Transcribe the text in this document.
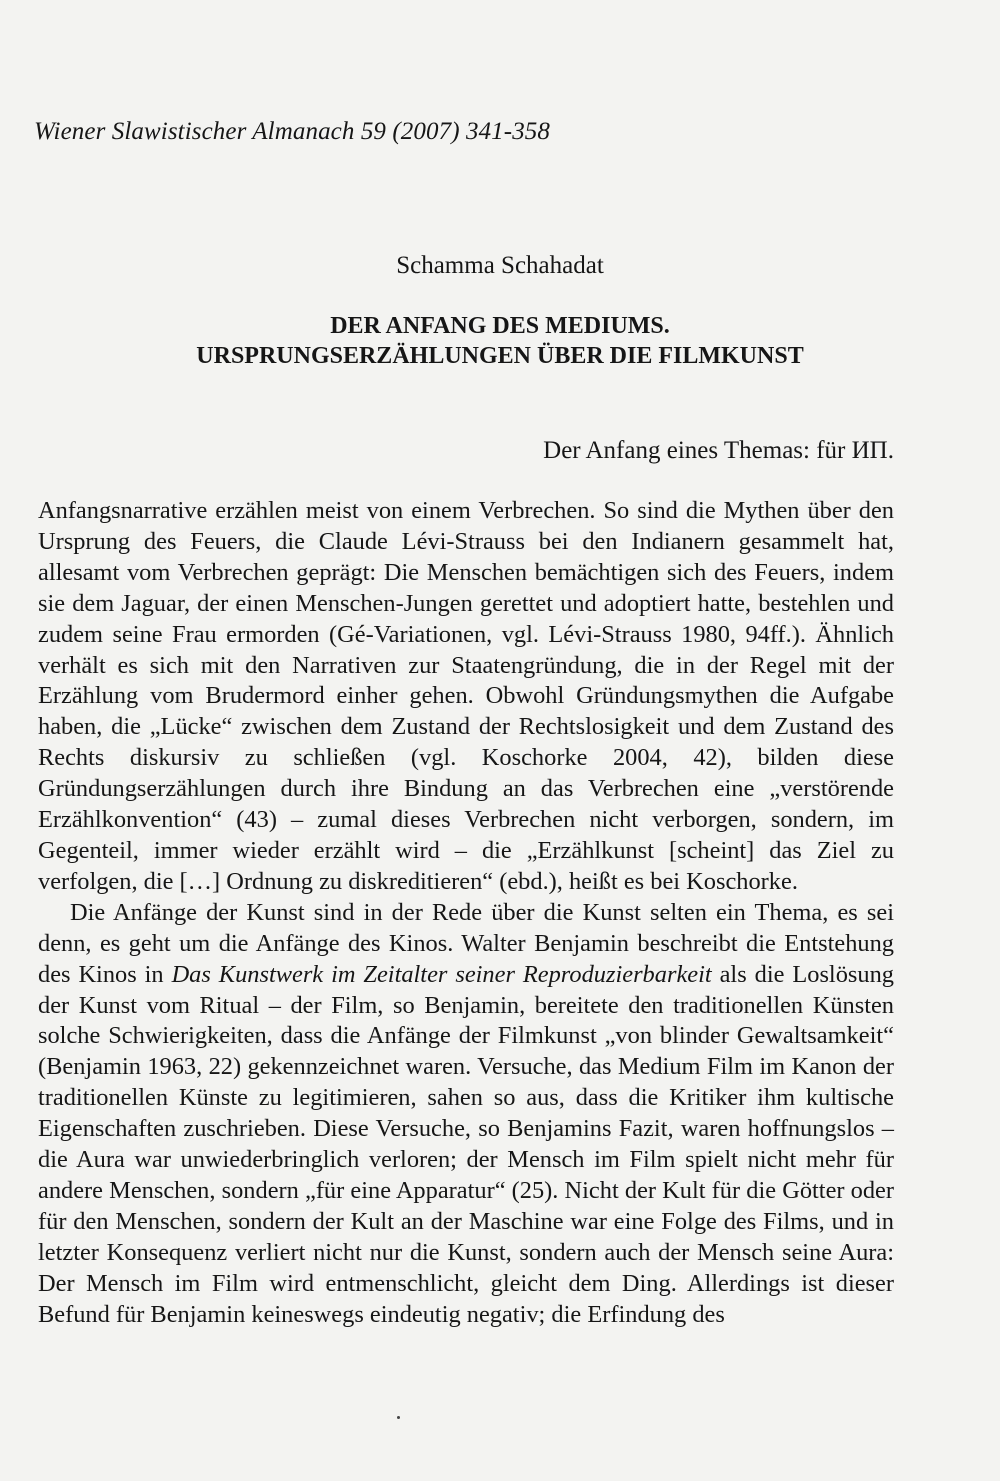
Wiener Slawistischer Almanach 59 (2007) 341-358

Schamma Schahadat
DER ANFANG DES MEDIUMS.
URSPRUNGSERZÄHLUNGEN ÜBER DIE FILMKUNST
Der Anfang eines Themas: für ИП.

Anfangsnarrative erzählen meist von einem Verbrechen. So sind die Mythen über den Ursprung des Feuers, die Claude Lévi-Strauss bei den Indianern gesammelt hat, allesamt vom Verbrechen geprägt: Die Menschen bemächtigen sich des Feuers, indem sie dem Jaguar, der einen Menschen-Jungen gerettet und adoptiert hatte, bestehlen und zudem seine Frau ermorden (Gé-Variationen, vgl. Lévi-Strauss 1980, 94ff.). Ähnlich verhält es sich mit den Narrativen zur Staatengründung, die in der Regel mit der Erzählung vom Brudermord einher gehen. Obwohl Gründungsmythen die Aufgabe haben, die „Lücke“ zwischen dem Zustand der Rechtslosigkeit und dem Zustand des Rechts diskursiv zu schließen (vgl. Koschorke 2004, 42), bilden diese Gründungserzählungen durch ihre Bindung an das Verbrechen eine „verstörende Erzählkonvention“ (43) – zumal dieses Verbrechen nicht verborgen, sondern, im Gegenteil, immer wieder erzählt wird – die „Erzählkunst [scheint] das Ziel zu verfolgen, die […] Ordnung zu diskreditieren“ (ebd.), heißt es bei Koschorke.

Die Anfänge der Kunst sind in der Rede über die Kunst selten ein Thema, es sei denn, es geht um die Anfänge des Kinos. Walter Benjamin beschreibt die Entstehung des Kinos in Das Kunstwerk im Zeitalter seiner Reproduzierbarkeit als die Loslösung der Kunst vom Ritual – der Film, so Benjamin, bereitete den traditionellen Künsten solche Schwierigkeiten, dass die Anfänge der Filmkunst „von blinder Gewaltsamkeit“ (Benjamin 1963, 22) gekennzeichnet waren. Versuche, das Medium Film im Kanon der traditionellen Künste zu legitimieren, sahen so aus, dass die Kritiker ihm kultische Eigenschaften zuschrieben. Diese Versuche, so Benjamins Fazit, waren hoffnungslos – die Aura war unwiederbringlich verloren; der Mensch im Film spielt nicht mehr für andere Menschen, sondern „für eine Apparatur“ (25). Nicht der Kult für die Götter oder für den Menschen, sondern der Kult an der Maschine war eine Folge des Films, und in letzter Konsequenz verliert nicht nur die Kunst, sondern auch der Mensch seine Aura: Der Mensch im Film wird entmenschlicht, gleicht dem Ding. Allerdings ist dieser Befund für Benjamin keineswegs eindeutig negativ; die Erfindung des
